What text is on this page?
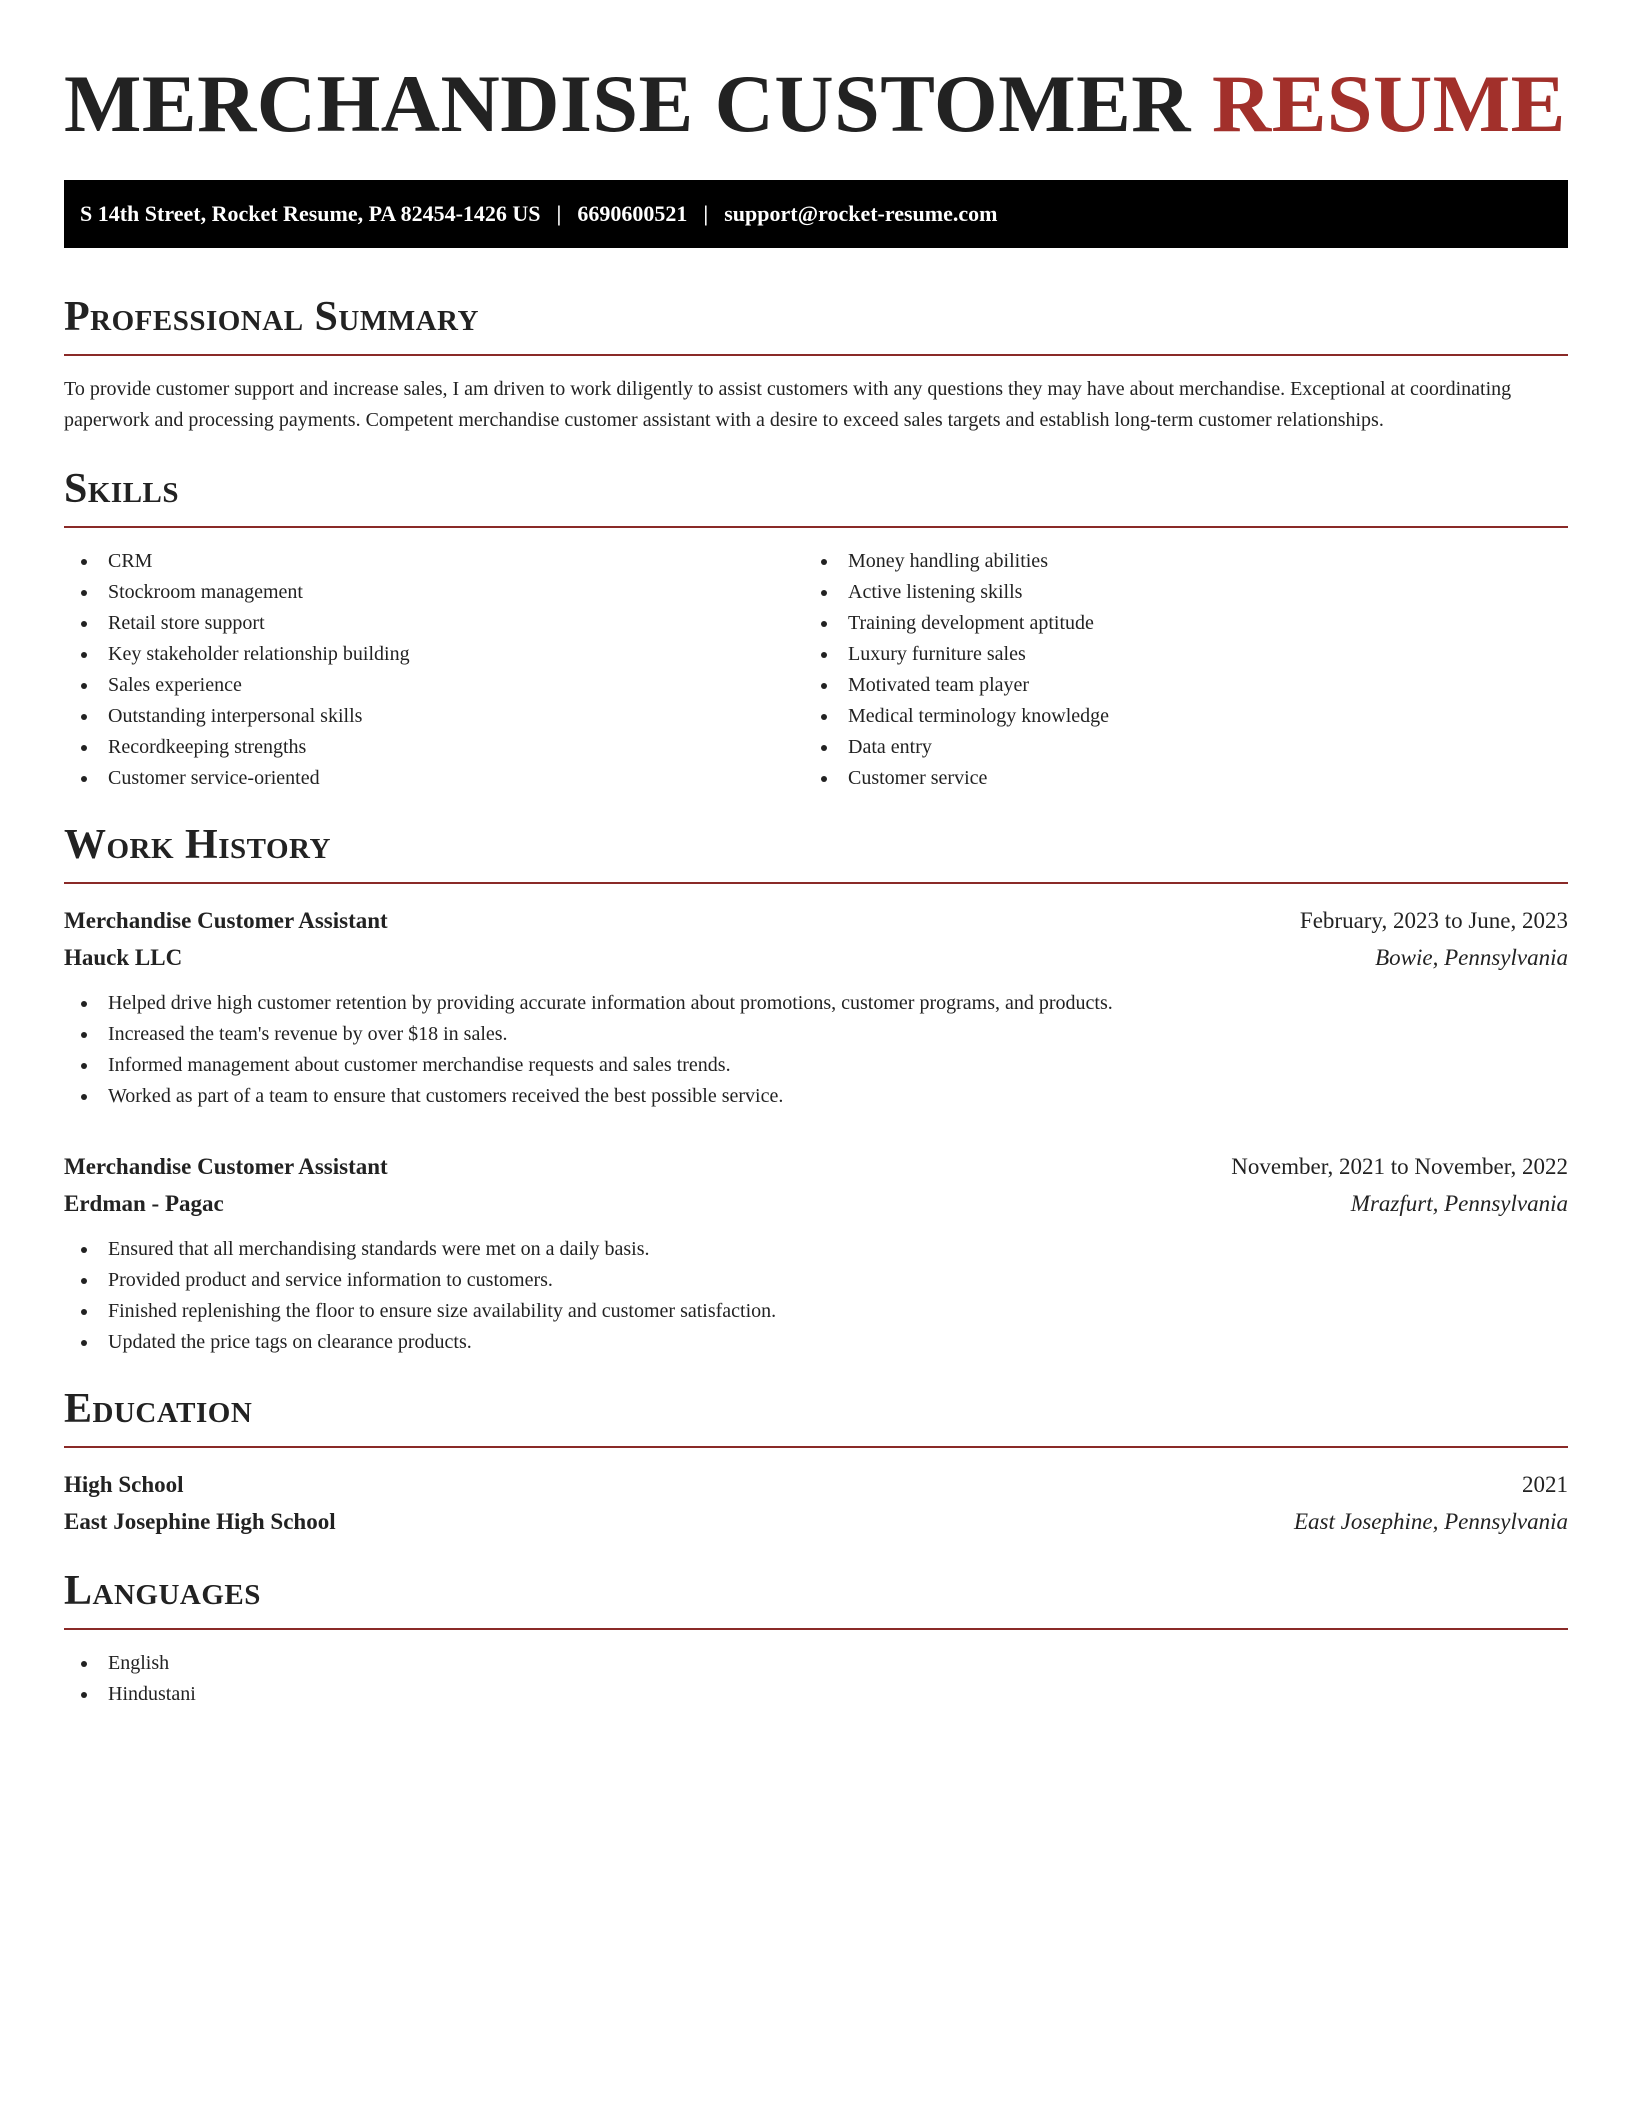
MERCHANDISE CUSTOMER RESUME
S 14th Street, Rocket Resume, PA 82454-1426 US | 6690600521 | support@rocket-resume.com
Professional Summary

To provide customer support and increase sales, I am driven to work diligently to assist customers with any questions they may have about merchandise. Exceptional at coordinating paperwork and processing payments. Competent merchandise customer assistant with a desire to exceed sales targets and establish long-term customer relationships.

Skills
CRM
Stockroom management
Retail store support
Key stakeholder relationship building
Sales experience
Outstanding interpersonal skills
Recordkeeping strengths
Customer service-oriented
Money handling abilities
Active listening skills
Training development aptitude
Luxury furniture sales
Motivated team player
Medical terminology knowledge
Data entry
Customer service
Work History
Merchandise Customer Assistant	February, 2023 to June, 2023
Hauck LLC	Bowie, Pennsylvania
Helped drive high customer retention by providing accurate information about promotions, customer programs, and products.
Increased the team's revenue by over $18 in sales.
Informed management about customer merchandise requests and sales trends.
Worked as part of a team to ensure that customers received the best possible service.
Merchandise Customer Assistant	November, 2021 to November, 2022
Erdman - Pagac	Mrazfurt, Pennsylvania
Ensured that all merchandising standards were met on a daily basis.
Provided product and service information to customers.
Finished replenishing the floor to ensure size availability and customer satisfaction.
Updated the price tags on clearance products.
Education
High School	2021
East Josephine High School	East Josephine, Pennsylvania
Languages
English
Hindustani
